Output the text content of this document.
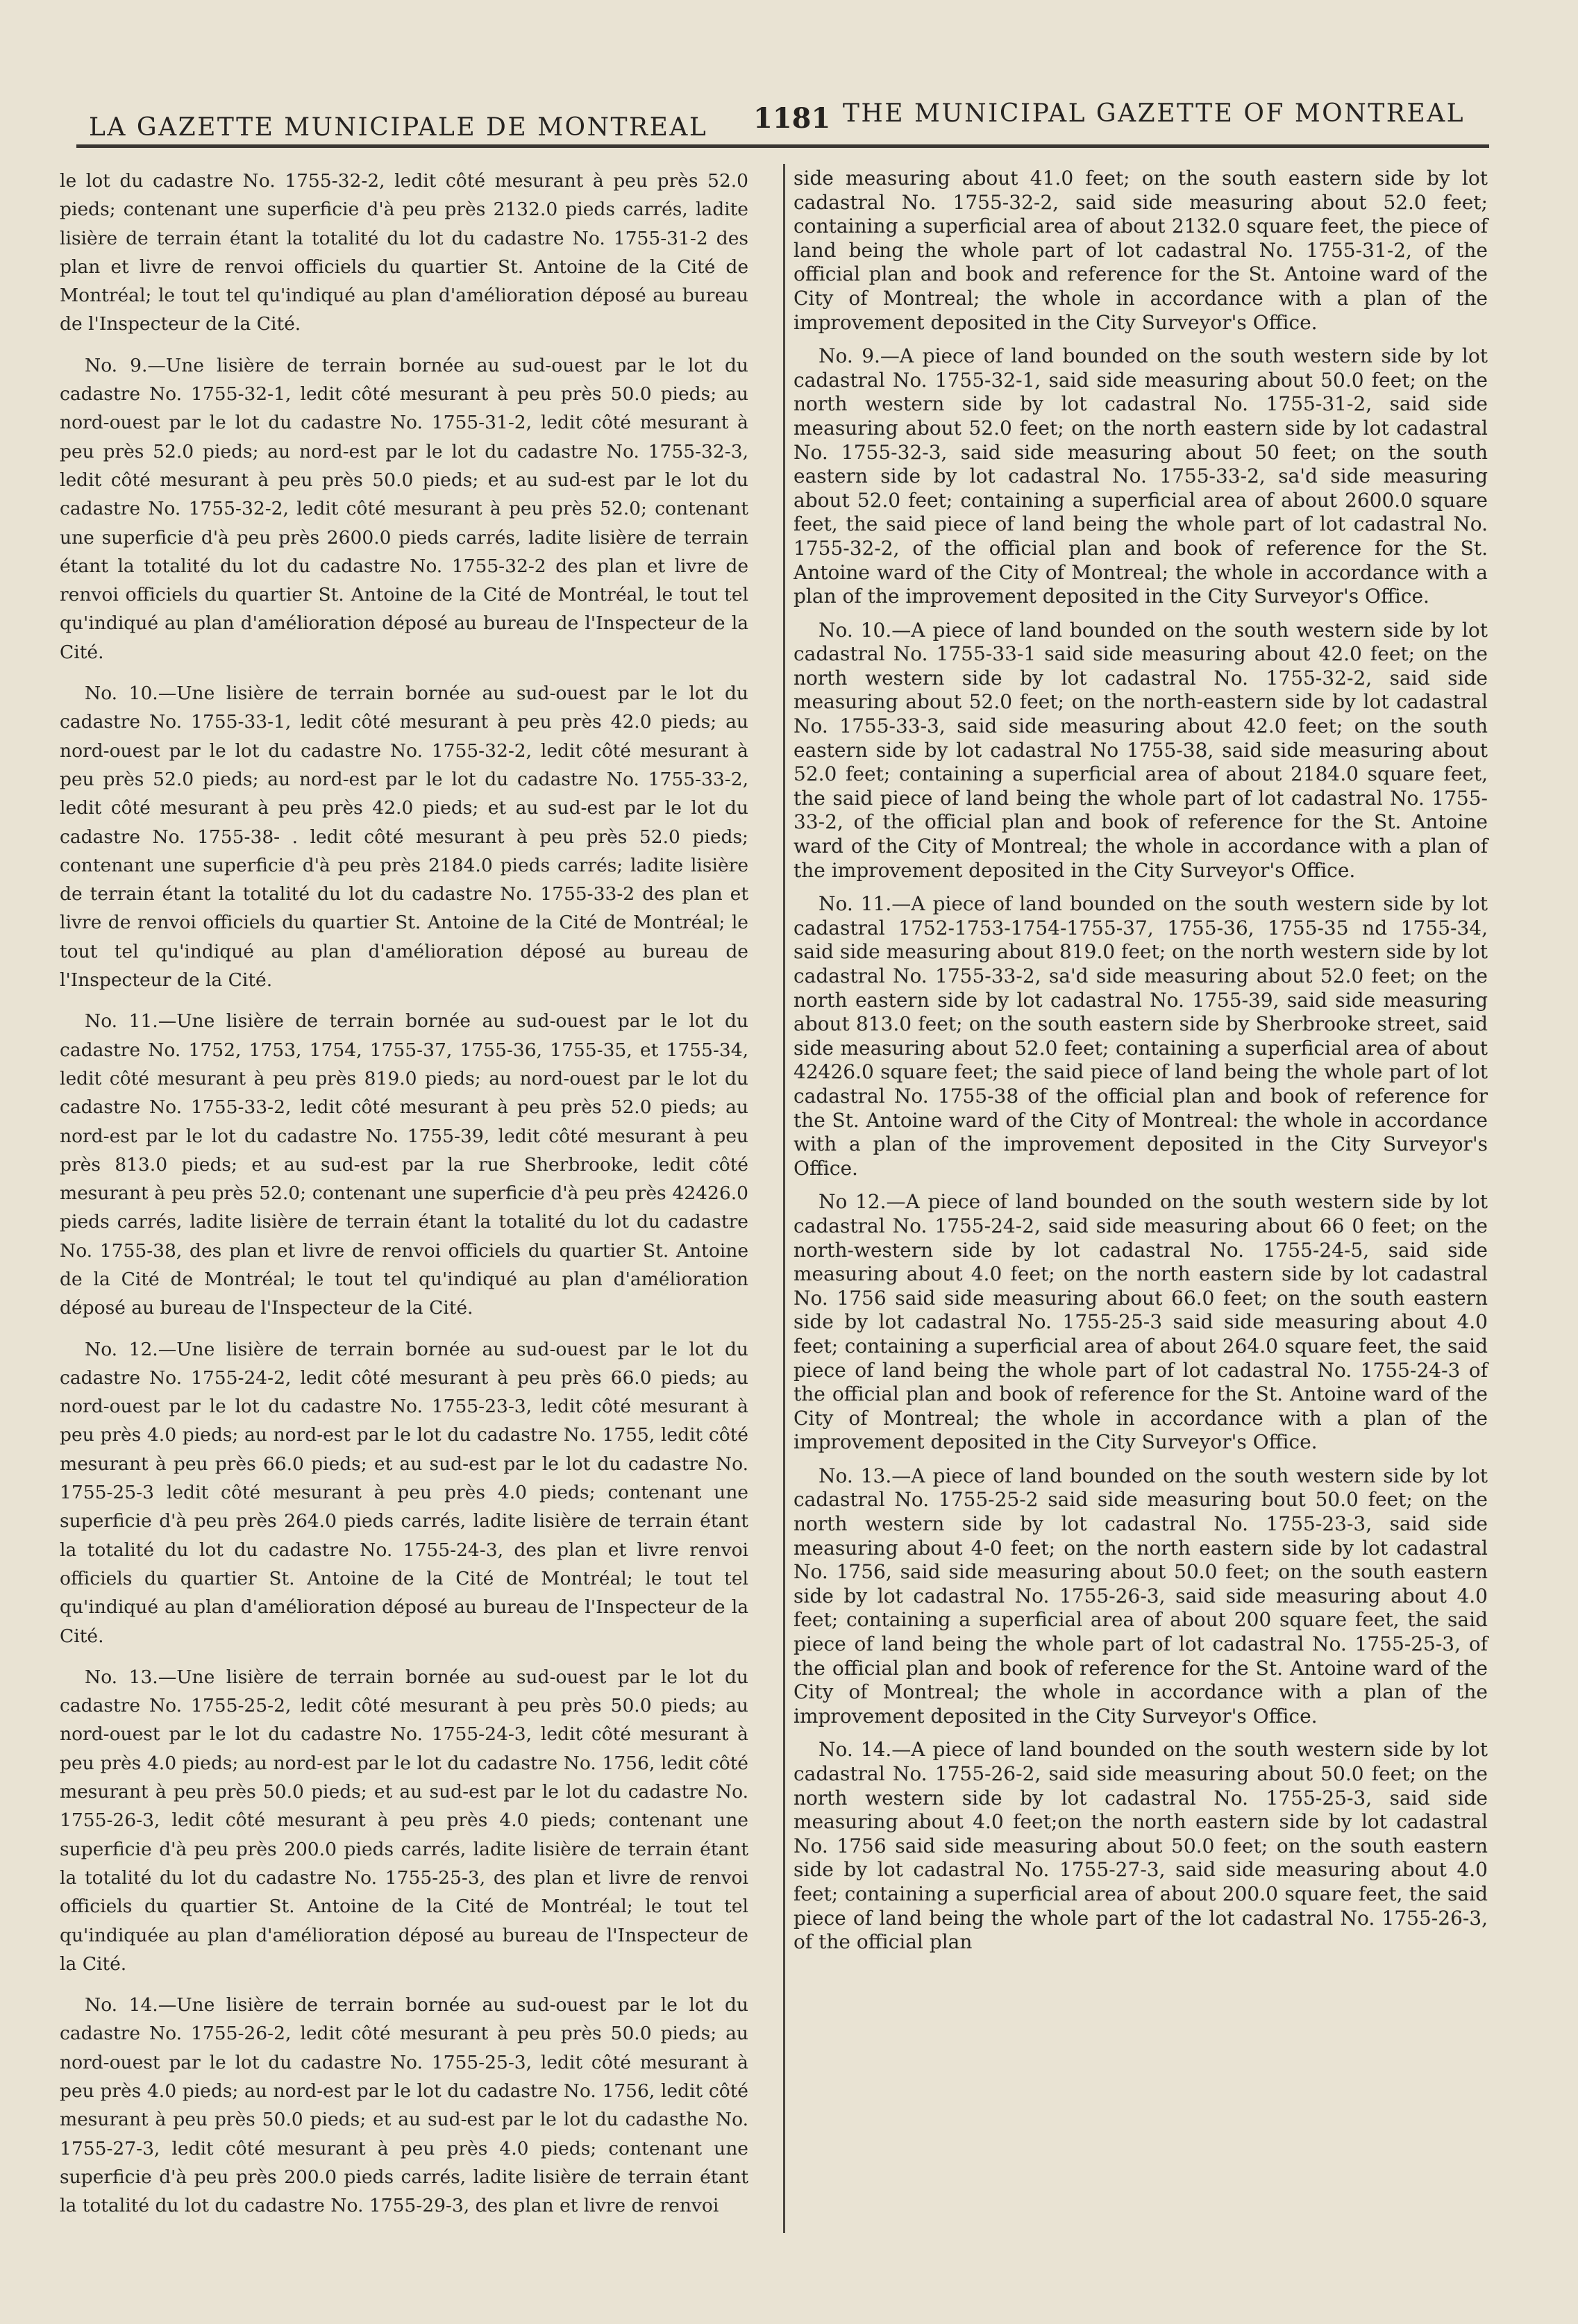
LA GAZETTE MUNICIPALE DE MONTREAL 1181 THE MUNICIPAL GAZETTE OF MONTREAL

le lot du cadastre No. 1755-32-2, ledit côté mesurant à peu près 52.0 pieds; contenant une superficie d'à peu près 2132.0 pieds carrés, ladite lisière de terrain étant la totalité du lot du cadastre No. 1755-31-2 des plan et livre de renvoi officiels du quartier St. Antoine de la Cité de Montréal; le tout tel qu'indiqué au plan d'amélioration déposé au bureau de l'Inspecteur de la Cité.

No. 9.—Une lisière de terrain bornée au sud-ouest par le lot du cadastre No. 1755-32-1, ledit côté mesurant à peu près 50.0 pieds; au nord-ouest par le lot du cadastre No. 1755-31-2, ledit côté mesurant à peu près 52.0 pieds; au nord-est par le lot du cadastre No. 1755-32-3, ledit côté mesurant à peu près 50.0 pieds; et au sud-est par le lot du cadastre No. 1755-32-2, ledit côté mesurant à peu près 52.0; contenant une superficie d'à peu près 2600.0 pieds carrés, ladite lisière de terrain étant la totalité du lot du cadastre No. 1755-32-2 des plan et livre de renvoi officiels du quartier St. Antoine de la Cité de Montréal, le tout tel qu'indiqué au plan d'amélioration déposé au bureau de l'Inspecteur de la Cité.

No. 10.—Une lisière de terrain bornée au sud-ouest par le lot du cadastre No. 1755-33-1, ledit côté mesurant à peu près 42.0 pieds; au nord-ouest par le lot du cadastre No. 1755-32-2, ledit côté mesurant à peu près 52.0 pieds; au nord-est par le lot du cadastre No. 1755-33-2, ledit côté mesurant à peu près 42.0 pieds; et au sud-est par le lot du cadastre No. 1755-38- . ledit côté mesurant à peu près 52.0 pieds; contenant une superficie d'à peu près 2184.0 pieds carrés; ladite lisière de terrain étant la totalité du lot du cadastre No. 1755-33-2 des plan et livre de renvoi officiels du quartier St. Antoine de la Cité de Montréal; le tout tel qu'indiqué au plan d'amélioration déposé au bureau de l'Inspecteur de la Cité.

No. 11.—Une lisière de terrain bornée au sud-ouest par le lot du cadastre No. 1752, 1753, 1754, 1755-37, 1755-36, 1755-35, et 1755-34, ledit côté mesurant à peu près 819.0 pieds; au nord-ouest par le lot du cadastre No. 1755-33-2, ledit côté mesurant à peu près 52.0 pieds; au nord-est par le lot du cadastre No. 1755-39, ledit côté mesurant à peu près 813.0 pieds; et au sud-est par la rue Sherbrooke, ledit côté mesurant à peu près 52.0; contenant une superficie d'à peu près 42426.0 pieds carrés, ladite lisière de terrain étant la totalité du lot du cadastre No. 1755-38, des plan et livre de renvoi officiels du quartier St. Antoine de la Cité de Montréal; le tout tel qu'indiqué au plan d'amélioration déposé au bureau de l'Inspecteur de la Cité.

No. 12.—Une lisière de terrain bornée au sud-ouest par le lot du cadastre No. 1755-24-2, ledit côté mesurant à peu près 66.0 pieds; au nord-ouest par le lot du cadastre No. 1755-23-3, ledit côté mesurant à peu près 4.0 pieds; au nord-est par le lot du cadastre No. 1755, ledit côté mesurant à peu près 66.0 pieds; et au sud-est par le lot du cadastre No. 1755-25-3 ledit côté mesurant à peu près 4.0 pieds; contenant une superficie d'à peu près 264.0 pieds carrés, ladite lisière de terrain étant la totalité du lot du cadastre No. 1755-24-3, des plan et livre renvoi officiels du quartier St. Antoine de la Cité de Montréal; le tout tel qu'indiqué au plan d'amélioration déposé au bureau de l'Inspecteur de la Cité.

No. 13.—Une lisière de terrain bornée au sud-ouest par le lot du cadastre No. 1755-25-2, ledit côté mesurant à peu près 50.0 pieds; au nord-ouest par le lot du cadastre No. 1755-24-3, ledit côté mesurant à peu près 4.0 pieds; au nord-est par le lot du cadastre No. 1756, ledit côté mesurant à peu près 50.0 pieds; et au sud-est par le lot du cadastre No. 1755-26-3, ledit côté mesurant à peu près 4.0 pieds; contenant une superficie d'à peu près 200.0 pieds carrés, ladite lisière de terrain étant la totalité du lot du cadastre No. 1755-25-3, des plan et livre de renvoi officiels du quartier St. Antoine de la Cité de Montréal; le tout tel qu'indiquée au plan d'amélioration déposé au bureau de l'Inspecteur de la Cité.

No. 14.—Une lisière de terrain bornée au sud-ouest par le lot du cadastre No. 1755-26-2, ledit côté mesurant à peu près 50.0 pieds; au nord-ouest par le lot du cadastre No. 1755-25-3, ledit côté mesurant à peu près 4.0 pieds; au nord-est par le lot du cadastre No. 1756, ledit côté mesurant à peu près 50.0 pieds; et au sud-est par le lot du cadasthe No. 1755-27-3, ledit côté mesurant à peu près 4.0 pieds; contenant une superficie d'à peu près 200.0 pieds carrés, ladite lisière de terrain étant la totalité du lot du cadastre No. 1755-29-3, des plan et livre de renvoi

side measuring about 41.0 feet; on the south eastern side by lot cadastral No. 1755-32-2, said side measuring about 52.0 feet; containing a superficial area of about 2132.0 square feet, the piece of land being the whole part of lot cadastral No. 1755-31-2, of the official plan and book and reference for the St. Antoine ward of the City of Montreal; the whole in accordance with a plan of the improvement deposited in the City Surveyor's Office.

No. 9.—A piece of land bounded on the south western side by lot cadastral No. 1755-32-1, said side measuring about 50.0 feet; on the north western side by lot cadastral No. 1755-31-2, said side measuring about 52.0 feet; on the north eastern side by lot cadastral No. 1755-32-3, said side measuring about 50 feet; on the south eastern side by lot cadastral No. 1755-33-2, sa'd side measuring about 52.0 feet; containing a superficial area of about 2600.0 square feet, the said piece of land being the whole part of lot cadastral No. 1755-32-2, of the official plan and book of reference for the St. Antoine ward of the City of Montreal; the whole in accordance with a plan of the improvement deposited in the City Surveyor's Office.

No. 10.—A piece of land bounded on the south western side by lot cadastral No. 1755-33-1 said side measuring about 42.0 feet; on the north western side by lot cadastral No. 1755-32-2, said side measuring about 52.0 feet; on the north-eastern side by lot cadastral No. 1755-33-3, said side measuring about 42.0 feet; on the south eastern side by lot cadastral No 1755-38, said side measuring about 52.0 feet; containing a superficial area of about 2184.0 square feet, the said piece of land being the whole part of lot cadastral No. 1755-33-2, of the official plan and book of reference for the St. Antoine ward of the City of Montreal; the whole in accordance with a plan of the improvement deposited in the City Surveyor's Office.

No. 11.—A piece of land bounded on the south western side by lot cadastral 1752-1753-1754-1755-37, 1755-36, 1755-35 nd 1755-34, said side measuring about 819.0 feet; on the north western side by lot cadastral No. 1755-33-2, sa'd side measuring about 52.0 feet; on the north eastern side by lot cadastral No. 1755-39, said side measuring about 813.0 feet; on the south eastern side by Sherbrooke street, said side measuring about 52.0 feet; containing a superficial area of about 42426.0 square feet; the said piece of land being the whole part of lot cadastral No. 1755-38 of the official plan and book of reference for the St. Antoine ward of the City of Montreal: the whole in accordance with a plan of the improvement deposited in the City Surveyor's Office.

No 12.—A piece of land bounded on the south western side by lot cadastral No. 1755-24-2, said side measuring about 66 0 feet; on the north-western side by lot cadastral No. 1755-24-5, said side measuring about 4.0 feet; on the north eastern side by lot cadastral No. 1756 said side measuring about 66.0 feet; on the south eastern side by lot cadastral No. 1755-25-3 said side measuring about 4.0 feet; containing a superficial area of about 264.0 square feet, the said piece of land being the whole part of lot cadastral No. 1755-24-3 of the official plan and book of reference for the St. Antoine ward of the City of Montreal; the whole in accordance with a plan of the improvement deposited in the City Surveyor's Office.

No. 13.—A piece of land bounded on the south western side by lot cadastral No. 1755-25-2 said side measuring bout 50.0 feet; on the north western side by lot cadastral No. 1755-23-3, said side measuring about 4-0 feet; on the north eastern side by lot cadastral No. 1756, said side measuring about 50.0 feet; on the south eastern side by lot cadastral No. 1755-26-3, said side measuring about 4.0 feet; containing a superficial area of about 200 square feet, the said piece of land being the whole part of lot cadastral No. 1755-25-3, of the official plan and book of reference for the St. Antoine ward of the City of Montreal; the whole in accordance with a plan of the improvement deposited in the City Surveyor's Office.

No. 14.—A piece of land bounded on the south western side by lot cadastral No. 1755-26-2, said side measuring about 50.0 feet; on the north western side by lot cadastral No. 1755-25-3, said side measuring about 4.0 feet;on the north eastern side by lot cadastral No. 1756 said side measuring about 50.0 feet; on the south eastern side by lot cadastral No. 1755-27-3, said side measuring about 4.0 feet; containing a superficial area of about 200.0 square feet, the said piece of land being the whole part of the lot cadastral No. 1755-26-3, of the official plan
